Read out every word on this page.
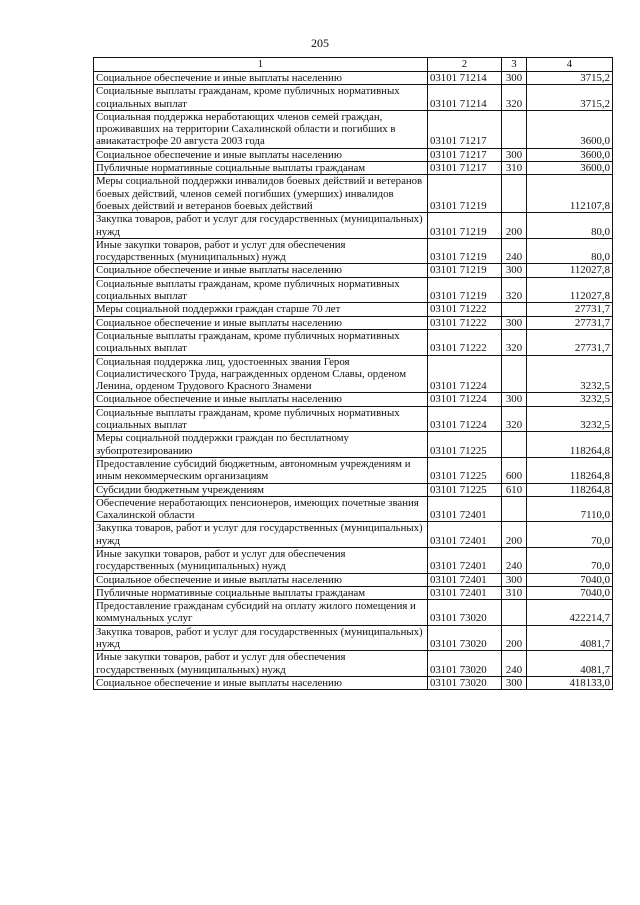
205
1	2	3	4
Социальное обеспечение и иные выплаты населению	03101 71214	300	3715,2
Социальные выплаты гражданам, кроме публичных нормативных социальных выплат	03101 71214	320	3715,2
Социальная поддержка неработающих членов семей граждан, проживавших на территории Сахалинской области и погибших в авиакатастрофе 20 августа 2003 года	03101 71217		3600,0
Социальное обеспечение и иные выплаты населению	03101 71217	300	3600,0
Публичные нормативные социальные выплаты гражданам	03101 71217	310	3600,0
Меры социальной поддержки инвалидов боевых действий и ветеранов боевых действий, членов семей погибших (умерших) инвалидов боевых действий и ветеранов боевых действий	03101 71219		112107,8
Закупка товаров, работ и услуг для государственных (муниципальных) нужд	03101 71219	200	80,0
Иные закупки товаров, работ и услуг для обеспечения государственных (муниципальных) нужд	03101 71219	240	80,0
Социальное обеспечение и иные выплаты населению	03101 71219	300	112027,8
Социальные выплаты гражданам, кроме публичных нормативных социальных выплат	03101 71219	320	112027,8
Меры социальной поддержки граждан старше 70 лет	03101 71222		27731,7
Социальное обеспечение и иные выплаты населению	03101 71222	300	27731,7
Социальные выплаты гражданам, кроме публичных нормативных социальных выплат	03101 71222	320	27731,7
Социальная поддержка лиц, удостоенных звания Героя Социалистического Труда, награжденных орденом Славы, орденом Ленина, орденом Трудового Красного Знамени	03101 71224		3232,5
Социальное обеспечение и иные выплаты населению	03101 71224	300	3232,5
Социальные выплаты гражданам, кроме публичных нормативных социальных выплат	03101 71224	320	3232,5
Меры социальной поддержки граждан по бесплатному зубопротезированию	03101 71225		118264,8
Предоставление субсидий бюджетным, автономным учреждениям и иным некоммерческим организациям	03101 71225	600	118264,8
Субсидии бюджетным учреждениям	03101 71225	610	118264,8
Обеспечение неработающих пенсионеров, имеющих почетные звания Сахалинской области	03101 72401		7110,0
Закупка товаров, работ и услуг для государственных (муниципальных) нужд	03101 72401	200	70,0
Иные закупки товаров, работ и услуг для обеспечения государственных (муниципальных) нужд	03101 72401	240	70,0
Социальное обеспечение и иные выплаты населению	03101 72401	300	7040,0
Публичные нормативные социальные выплаты гражданам	03101 72401	310	7040,0
Предоставление гражданам субсидий на оплату жилого помещения и коммунальных услуг	03101 73020		422214,7
Закупка товаров, работ и услуг для государственных (муниципальных) нужд	03101 73020	200	4081,7
Иные закупки товаров, работ и услуг для обеспечения государственных (муниципальных) нужд	03101 73020	240	4081,7
Социальное обеспечение и иные выплаты населению	03101 73020	300	418133,0
